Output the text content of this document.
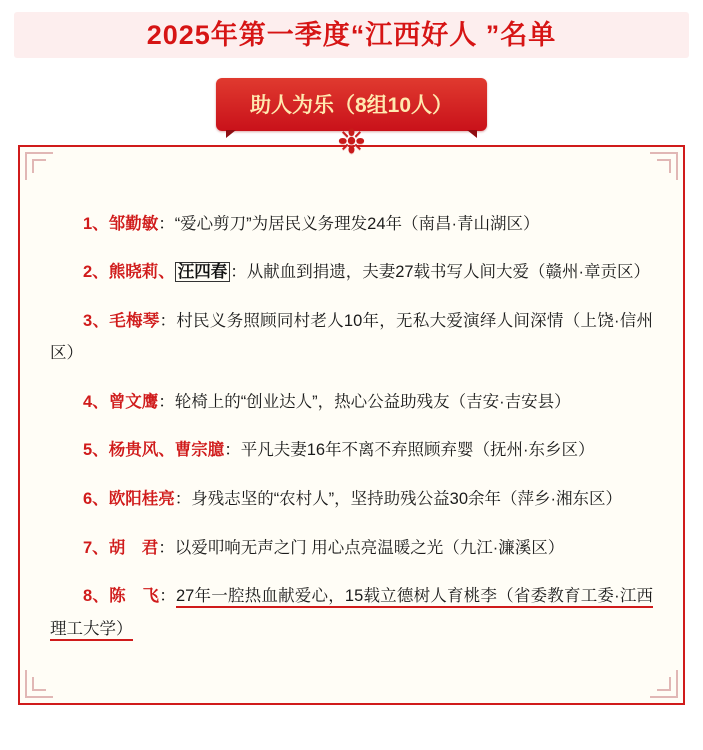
2025年第一季度“江西好人 ”名单
助人为乐（8组10人）
❉

1、邹勤敏：“爱心剪刀”为居民义务理发24年（南昌·青山湖区）

2、熊晓莉、 汪四春 ：从献血到捐遗，夫妻27载书写人间大爱（赣州·章贡区）

3、毛梅琴：村民义务照顾同村老人10年，无私大爱演绎人间深情（上饶·信州区）

4、曾文鹰：轮椅上的“创业达人”，热心公益助残友（吉安·吉安县）

5、杨贵风、曹宗臆：平凡夫妻16年不离不弃照顾弃婴（抚州·东乡区）

6、欧阳桂亮：身残志坚的“农村人”，坚持助残公益30余年（萍乡·湘东区）

7、胡　君：以爱叩响无声之门 用心点亮温暖之光（九江·濂溪区）

8、陈　飞：27年一腔热血献爱心，15载立德树人育桃李（省委教育工委·江西理工大学）
